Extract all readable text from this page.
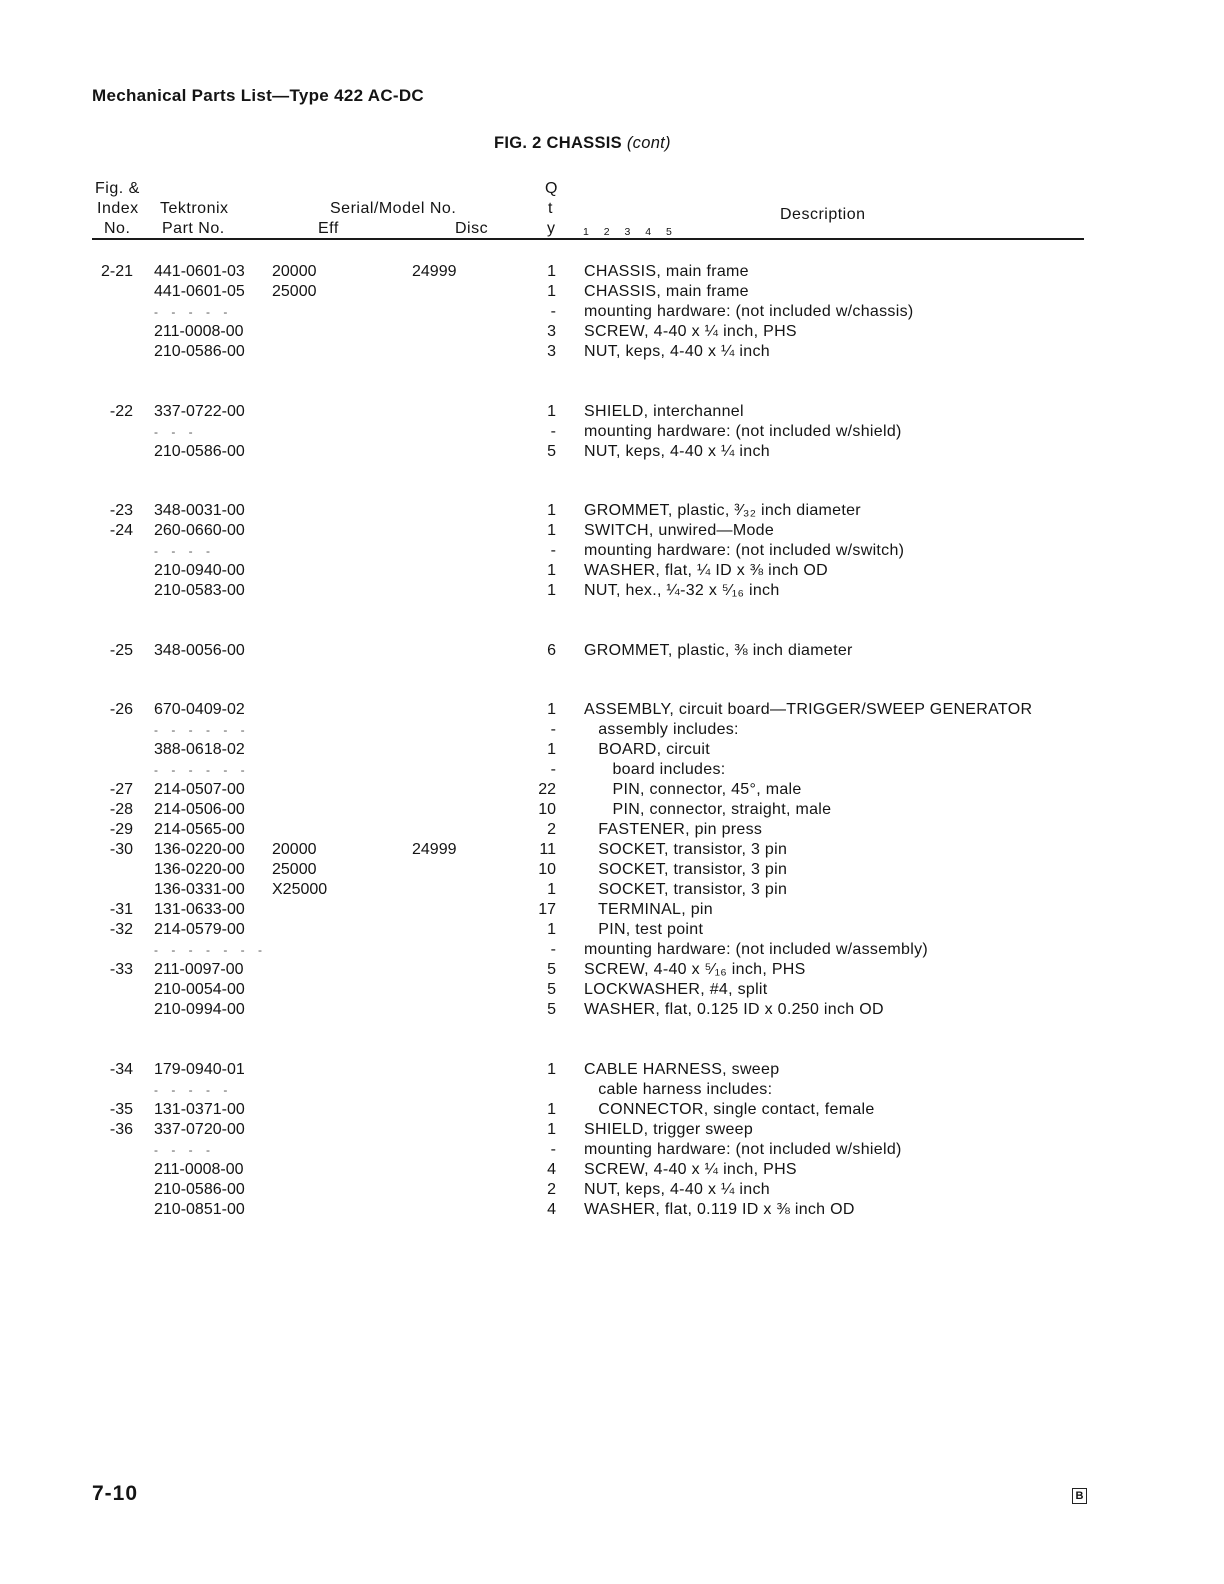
Mechanical Parts List—Type 422 AC-DC
FIG. 2 CHASSIS (cont)
Fig. &
Index
No.
Tektronix
Part No.
Serial/Model No.
Eff	Disc
Q
t
y	1 2 3 4 5
Description
2-21 441-0601-03 20000	24999	1 CHASSIS, main frame
441-0601-05 25000	1 CHASSIS, main frame
- - - - -	- mounting hardware: (not included w/chassis)
211-0008-00	3 SCREW, 4-40 x ¼ inch, PHS
210-0586-00	3 NUT, keps, 4-40 x ¼ inch
-22 337-0722-00	1 SHIELD, interchannel
- - -	- mounting hardware: (not included w/shield)
210-0586-00	5 NUT, keps, 4-40 x ¼ inch
-23 348-0031-00	1 GROMMET, plastic, ³⁄₃₂ inch diameter
-24 260-0660-00	1 SWITCH, unwired—Mode
- - - -	- mounting hardware: (not included w/switch)
210-0940-00	1 WASHER, flat, ¼ ID x ⅜ inch OD
210-0583-00	1 NUT, hex., ¼-32 x ⁵⁄₁₆ inch
-25 348-0056-00	6 GROMMET, plastic, ⅜ inch diameter
-26 670-0409-02	1 ASSEMBLY, circuit board—TRIGGER/SWEEP GENERATOR
- - - - - -	- assembly includes:
388-0618-02	1 BOARD, circuit
- - - - - -	- board includes:
-27 214-0507-00	22 PIN, connector, 45°, male
-28 214-0506-00	10 PIN, connector, straight, male
-29 214-0565-00	2 FASTENER, pin press
-30 136-0220-00 20000	24999	11 SOCKET, transistor, 3 pin
136-0220-00 25000	10 SOCKET, transistor, 3 pin
136-0331-00 X25000	1 SOCKET, transistor, 3 pin
-31 131-0633-00	17 TERMINAL, pin
-32 214-0579-00	1 PIN, test point
- - - - - - -	- mounting hardware: (not included w/assembly)
-33 211-0097-00	5 SCREW, 4-40 x ⁵⁄₁₆ inch, PHS
210-0054-00	5 LOCKWASHER, #4, split
210-0994-00	5 WASHER, flat, 0.125 ID x 0.250 inch OD
-34 179-0940-01	1 CABLE HARNESS, sweep
- - - - -	cable harness includes:
-35 131-0371-00	1 CONNECTOR, single contact, female
-36 337-0720-00	1 SHIELD, trigger sweep
- - - -	- mounting hardware: (not included w/shield)
211-0008-00	4 SCREW, 4-40 x ¼ inch, PHS
210-0586-00	2 NUT, keps, 4-40 x ¼ inch
210-0851-00	4 WASHER, flat, 0.119 ID x ⅜ inch OD
7-10	B
